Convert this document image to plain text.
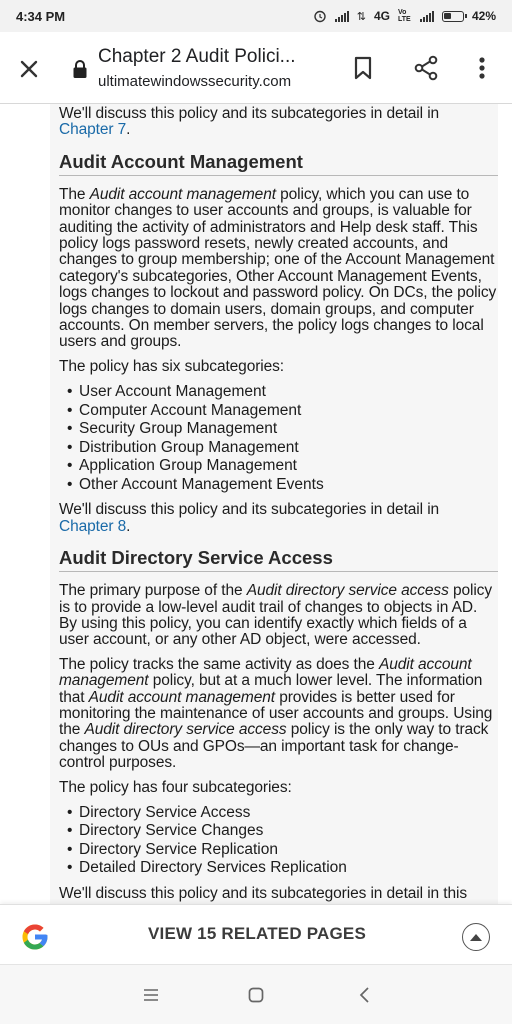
4:34 PM	⇅ 4G Vo LTE	42%
Chapter 2 Audit Polici...
ultimatewindowssecurity.com

We'll discuss this policy and its subcategories in detail in
Chapter 7.

Audit Account Management

The Audit account management policy, which you can use to monitor changes to user accounts and groups, is valuable for auditing the activity of administrators and Help desk staff. This policy logs password resets, newly created accounts, and changes to group membership; one of the Account Management category's subcategories, Other Account Management Events, logs changes to lockout and password policy. On DCs, the policy logs changes to domain users, domain groups, and computer accounts. On member servers, the policy logs changes to local users and groups.

The policy has six subcategories:

• User Account Management
• Computer Account Management
• Security Group Management
• Distribution Group Management
• Application Group Management
• Other Account Management Events

We'll discuss this policy and its subcategories in detail in
Chapter 8.

Audit Directory Service Access

The primary purpose of the Audit directory service access policy is to provide a low-level audit trail of changes to objects in AD. By using this policy, you can identify exactly which fields of a user account, or any other AD object, were accessed.

The policy tracks the same activity as does the Audit account management policy, but at a much lower level. The information that Audit account management provides is better used for monitoring the maintenance of user accounts and groups. Using the Audit directory service access policy is the only way to track changes to OUs and GPOs—an important task for change-control purposes.

The policy has four subcategories:

• Directory Service Access
• Directory Service Changes
• Directory Service Replication
• Detailed Directory Services Replication

We'll discuss this policy and its subcategories in detail in this

VIEW 15 RELATED PAGES
